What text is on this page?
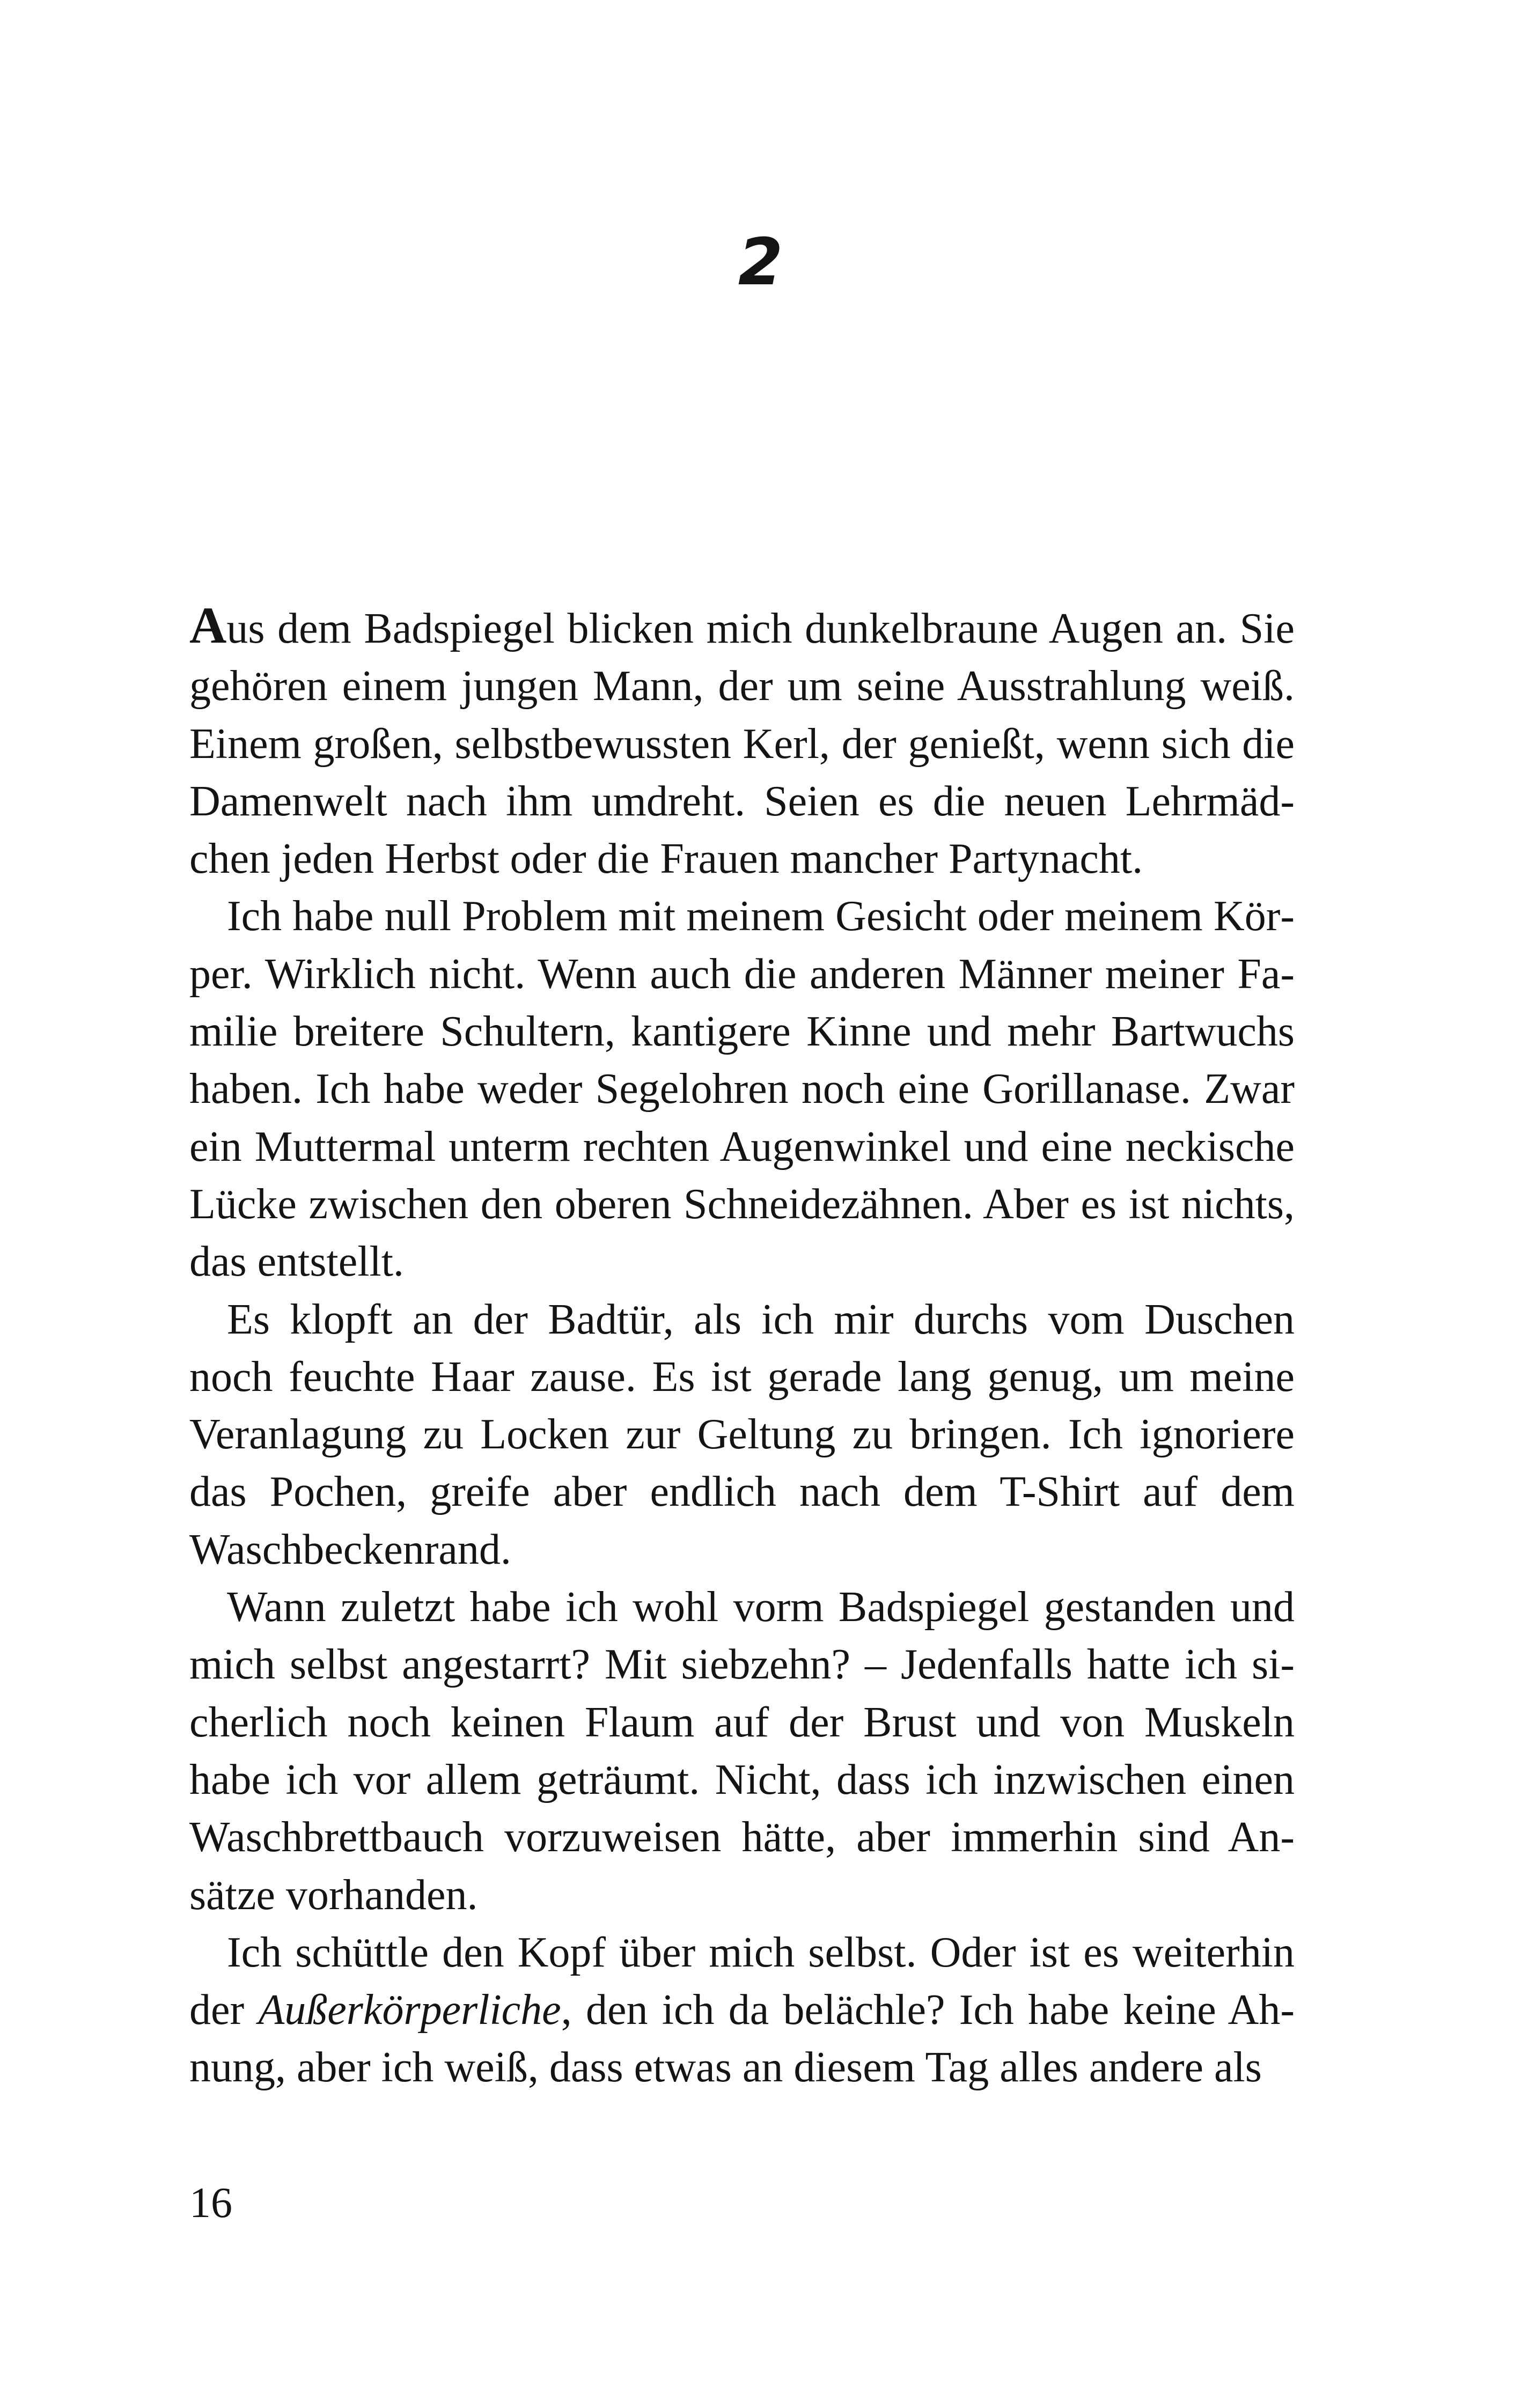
2

Aus dem Badspiegel blicken mich dunkelbraune Augen an. Sie gehören einem jungen Mann, der um seine Ausstrahlung weiß. Einem großen, selbstbewussten Kerl, der genießt, wenn sich die Damenwelt nach ihm umdreht. Seien es die neuen Lehrmädchen jeden Herbst oder die Frauen mancher Partynacht.

Ich habe null Problem mit meinem Gesicht oder meinem Körper. Wirklich nicht. Wenn auch die anderen Männer meiner Familie breitere Schultern, kantigere Kinne und mehr Bartwuchs haben. Ich habe weder Segelohren noch eine Gorillanase. Zwar ein Muttermal unterm rechten Augenwinkel und eine neckische Lücke zwischen den oberen Schneidezähnen. Aber es ist nichts, das entstellt.

Es klopft an der Badtür, als ich mir durchs vom Duschen noch feuchte Haar zause. Es ist gerade lang genug, um meine Veranlagung zu Locken zur Geltung zu bringen. Ich ignoriere das Pochen, greife aber endlich nach dem T-Shirt auf dem Waschbeckenrand.

Wann zuletzt habe ich wohl vorm Badspiegel gestanden und mich selbst angestarrt? Mit siebzehn? – Jedenfalls hatte ich sicherlich noch keinen Flaum auf der Brust und von Muskeln habe ich vor allem geträumt. Nicht, dass ich inzwischen einen Waschbrettbauch vorzuweisen hätte, aber immerhin sind Ansätze vorhanden.

Ich schüttle den Kopf über mich selbst. Oder ist es weiterhin der Außerkörperliche, den ich da belächle? Ich habe keine Ahnung, aber ich weiß, dass etwas an diesem Tag alles andere als

16
